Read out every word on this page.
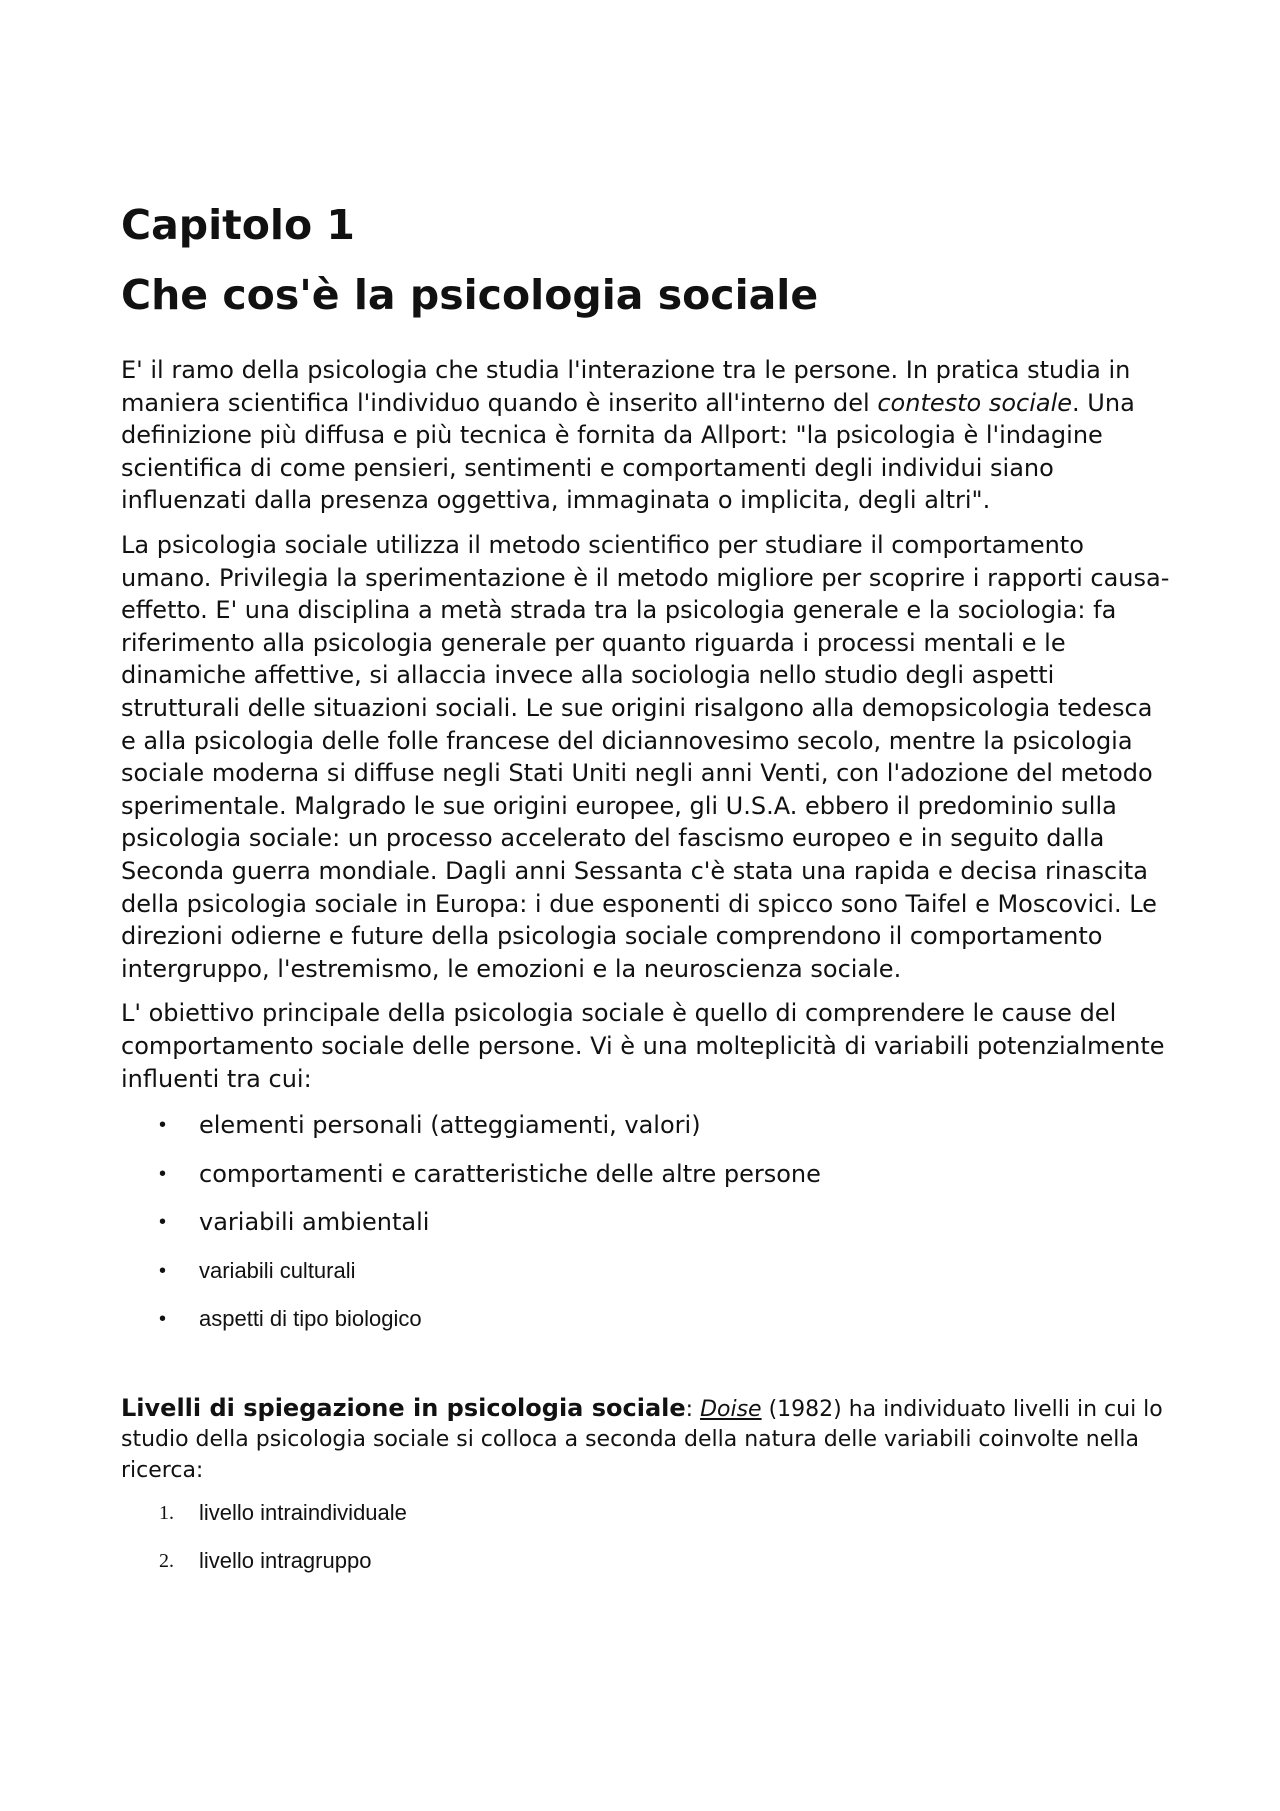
Capitolo 1
Che cos'è la psicologia sociale

E' il ramo della psicologia che studia l'interazione tra le persone. In pratica studia in maniera scientifica l'individuo quando è inserito all'interno del contesto sociale. Una definizione più diffusa e più tecnica è fornita da Allport: "la psicologia è l'indagine scientifica di come pensieri, sentimenti e comportamenti degli individui siano influenzati dalla presenza oggettiva, immaginata o implicita, degli altri".

La psicologia sociale utilizza il metodo scientifico per studiare il comportamento umano. Privilegia la sperimentazione è il metodo migliore per scoprire i rapporti causa-effetto. E' una disciplina a metà strada tra la psicologia generale e la sociologia: fa riferimento alla psicologia generale per quanto riguarda i processi mentali e le dinamiche affettive, si allaccia invece alla sociologia nello studio degli aspetti strutturali delle situazioni sociali. Le sue origini risalgono alla demopsicologia tedesca e alla psicologia delle folle francese del diciannovesimo secolo, mentre la psicologia sociale moderna si diffuse negli Stati Uniti negli anni Venti, con l'adozione del metodo sperimentale. Malgrado le sue origini europee, gli U.S.A. ebbero il predominio sulla psicologia sociale: un processo accelerato del fascismo europeo e in seguito dalla Seconda guerra mondiale. Dagli anni Sessanta c'è stata una rapida e decisa rinascita della psicologia sociale in Europa: i due esponenti di spicco sono Taifel e Moscovici. Le direzioni odierne e future della psicologia sociale comprendono il comportamento intergruppo, l'estremismo, le emozioni e la neuroscienza sociale.

L' obiettivo principale della psicologia sociale è quello di comprendere le cause del comportamento sociale delle persone. Vi è una molteplicità di variabili potenzialmente influenti tra cui:

• elementi personali (atteggiamenti, valori)
• comportamenti e caratteristiche delle altre persone
• variabili ambientali
• variabili culturali
• aspetti di tipo biologico

Livelli di spiegazione in psicologia sociale: Doise (1982) ha individuato livelli in cui lo studio della psicologia sociale si colloca a seconda della natura delle variabili coinvolte nella ricerca:

1. livello intraindividuale
2. livello intragruppo
